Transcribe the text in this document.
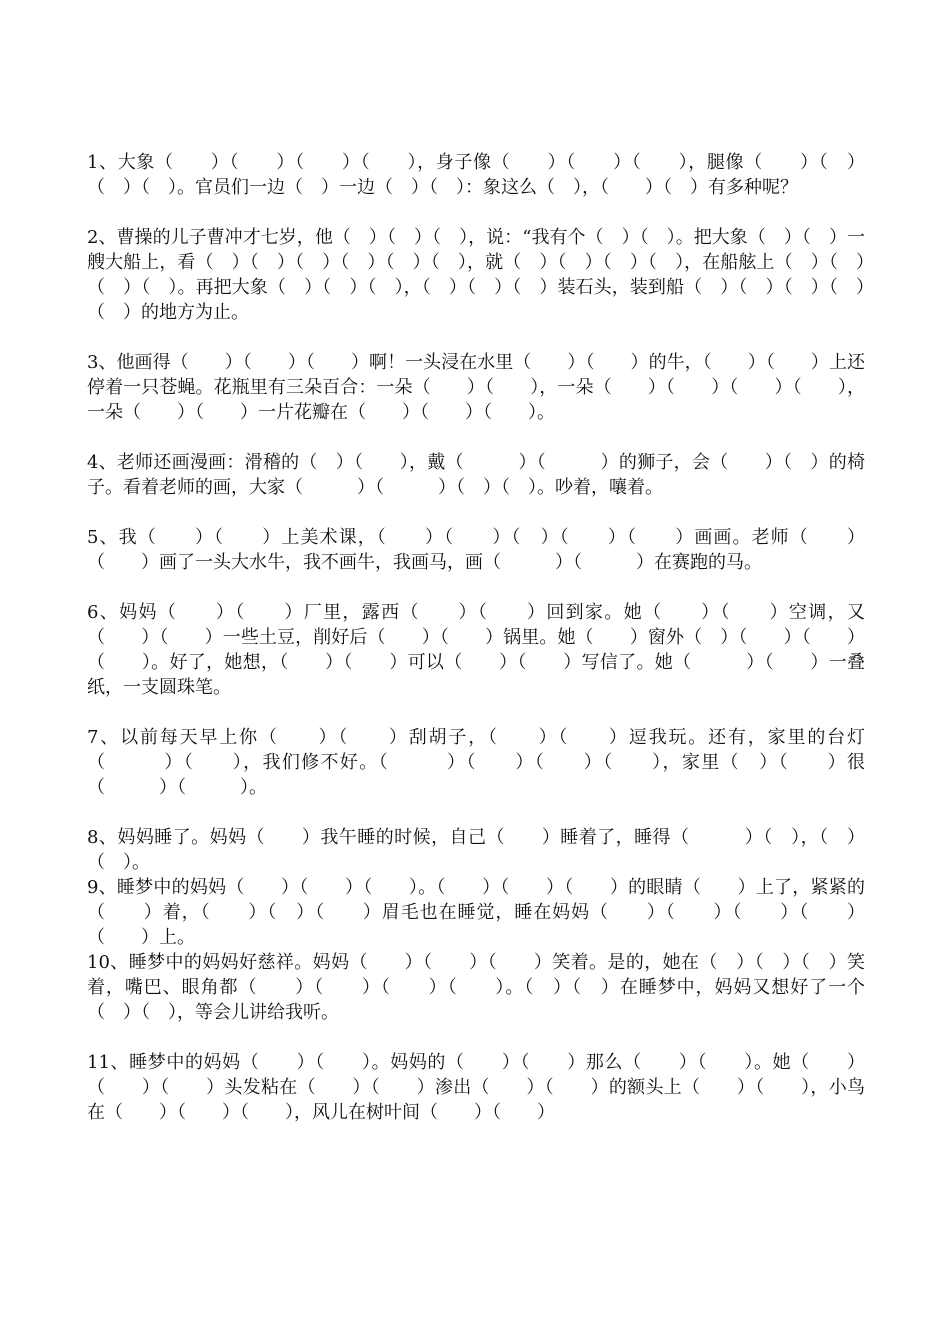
1、大象（　　）（　　）（　　）（　　），身子像（　　）（　　）（　　），腿像（　　）（　）（　）（　）。官员们一边（　）一边（　）（　）：象这么（　），（　　）（　）有多种呢？

2、曹操的儿子曹冲才七岁，他（　）（　）（　），说：“我有个（　）（　）。把大象（　）（　）一艘大船上，看（　）（　）（　）（　）（　）（　），就（　）（　）（　）（　），在船舷上（　）（　）（　）（　）。再把大象（　）（　）（　），（　）（　）（　）装石头，装到船（　）（　）（　）（　）（　）的地方为止。

3、他画得（　　）（　　）（　　）啊！一头浸在水里（　　）（　　）的牛，（　　）（　　）上还停着一只苍蝇。花瓶里有三朵百合：一朵（　　）（　　），一朵（　　）（　　）（　　）（　　），一朵（　　）（　　）一片花瓣在（　　）（　　）（　　）。

4、老师还画漫画：滑稽的（　）（　　），戴（　　　）（　　　）的狮子，会（　　）（　）的椅子。看着老师的画，大家（　　　）（　　　）（　）（　）。吵着，嚷着。

5、我（　　）（　　）上美术课，（　　）（　　）（　）（　　）（　　）画画。老师（　　）（　　）画了一头大水牛，我不画牛，我画马，画（　　　）（　　　）在赛跑的马。

6、妈妈（　　）（　　）厂里，露西（　　）（　　）回到家。她（　　）（　　）空调，又（　　）（　　）一些土豆，削好后（　　）（　　）锅里。她（　　）窗外（　）（　　）（　　）（　　）。好了，她想，（　　）（　　）可以（　　）（　　）写信了。她（　　　）（　　）一叠纸，一支圆珠笔。

7、以前每天早上你（　　）（　　）刮胡子，（　　）（　　）逗我玩。还有，家里的台灯（　　　）（　　），我们修不好。（　　　）（　　）（　　）（　　），家里（　）（　　）很（　　　）（　　　）。

8、妈妈睡了。妈妈（　　）我午睡的时候，自己（　　）睡着了，睡得（　　　）（　），（　）（　）。

9、睡梦中的妈妈（　　）（　　）（　　）。（　　）（　　）（　　）的眼睛（　　）上了，紧紧的（　　）着，（　　）（　）（　　）眉毛也在睡觉，睡在妈妈（　　）（　　）（　　）（　　）（　　）上。

10、睡梦中的妈妈好慈祥。妈妈（　　）（　　）（　　）笑着。是的，她在（　）（　）（　）笑着，嘴巴、眼角都（　　）（　　）（　　）（　　）。（　）（　）在睡梦中，妈妈又想好了一个（　）（　），等会儿讲给我听。

11、睡梦中的妈妈（　　）（　　）。妈妈的（　　）（　　）那么（　　）（　　）。她（　　）（　　）（　　）头发粘在（　　）（　　）渗出（　　）（　　）的额头上（　　）（　　），小鸟在（　　）（　　）（　　），风儿在树叶间（　　）（　　）
